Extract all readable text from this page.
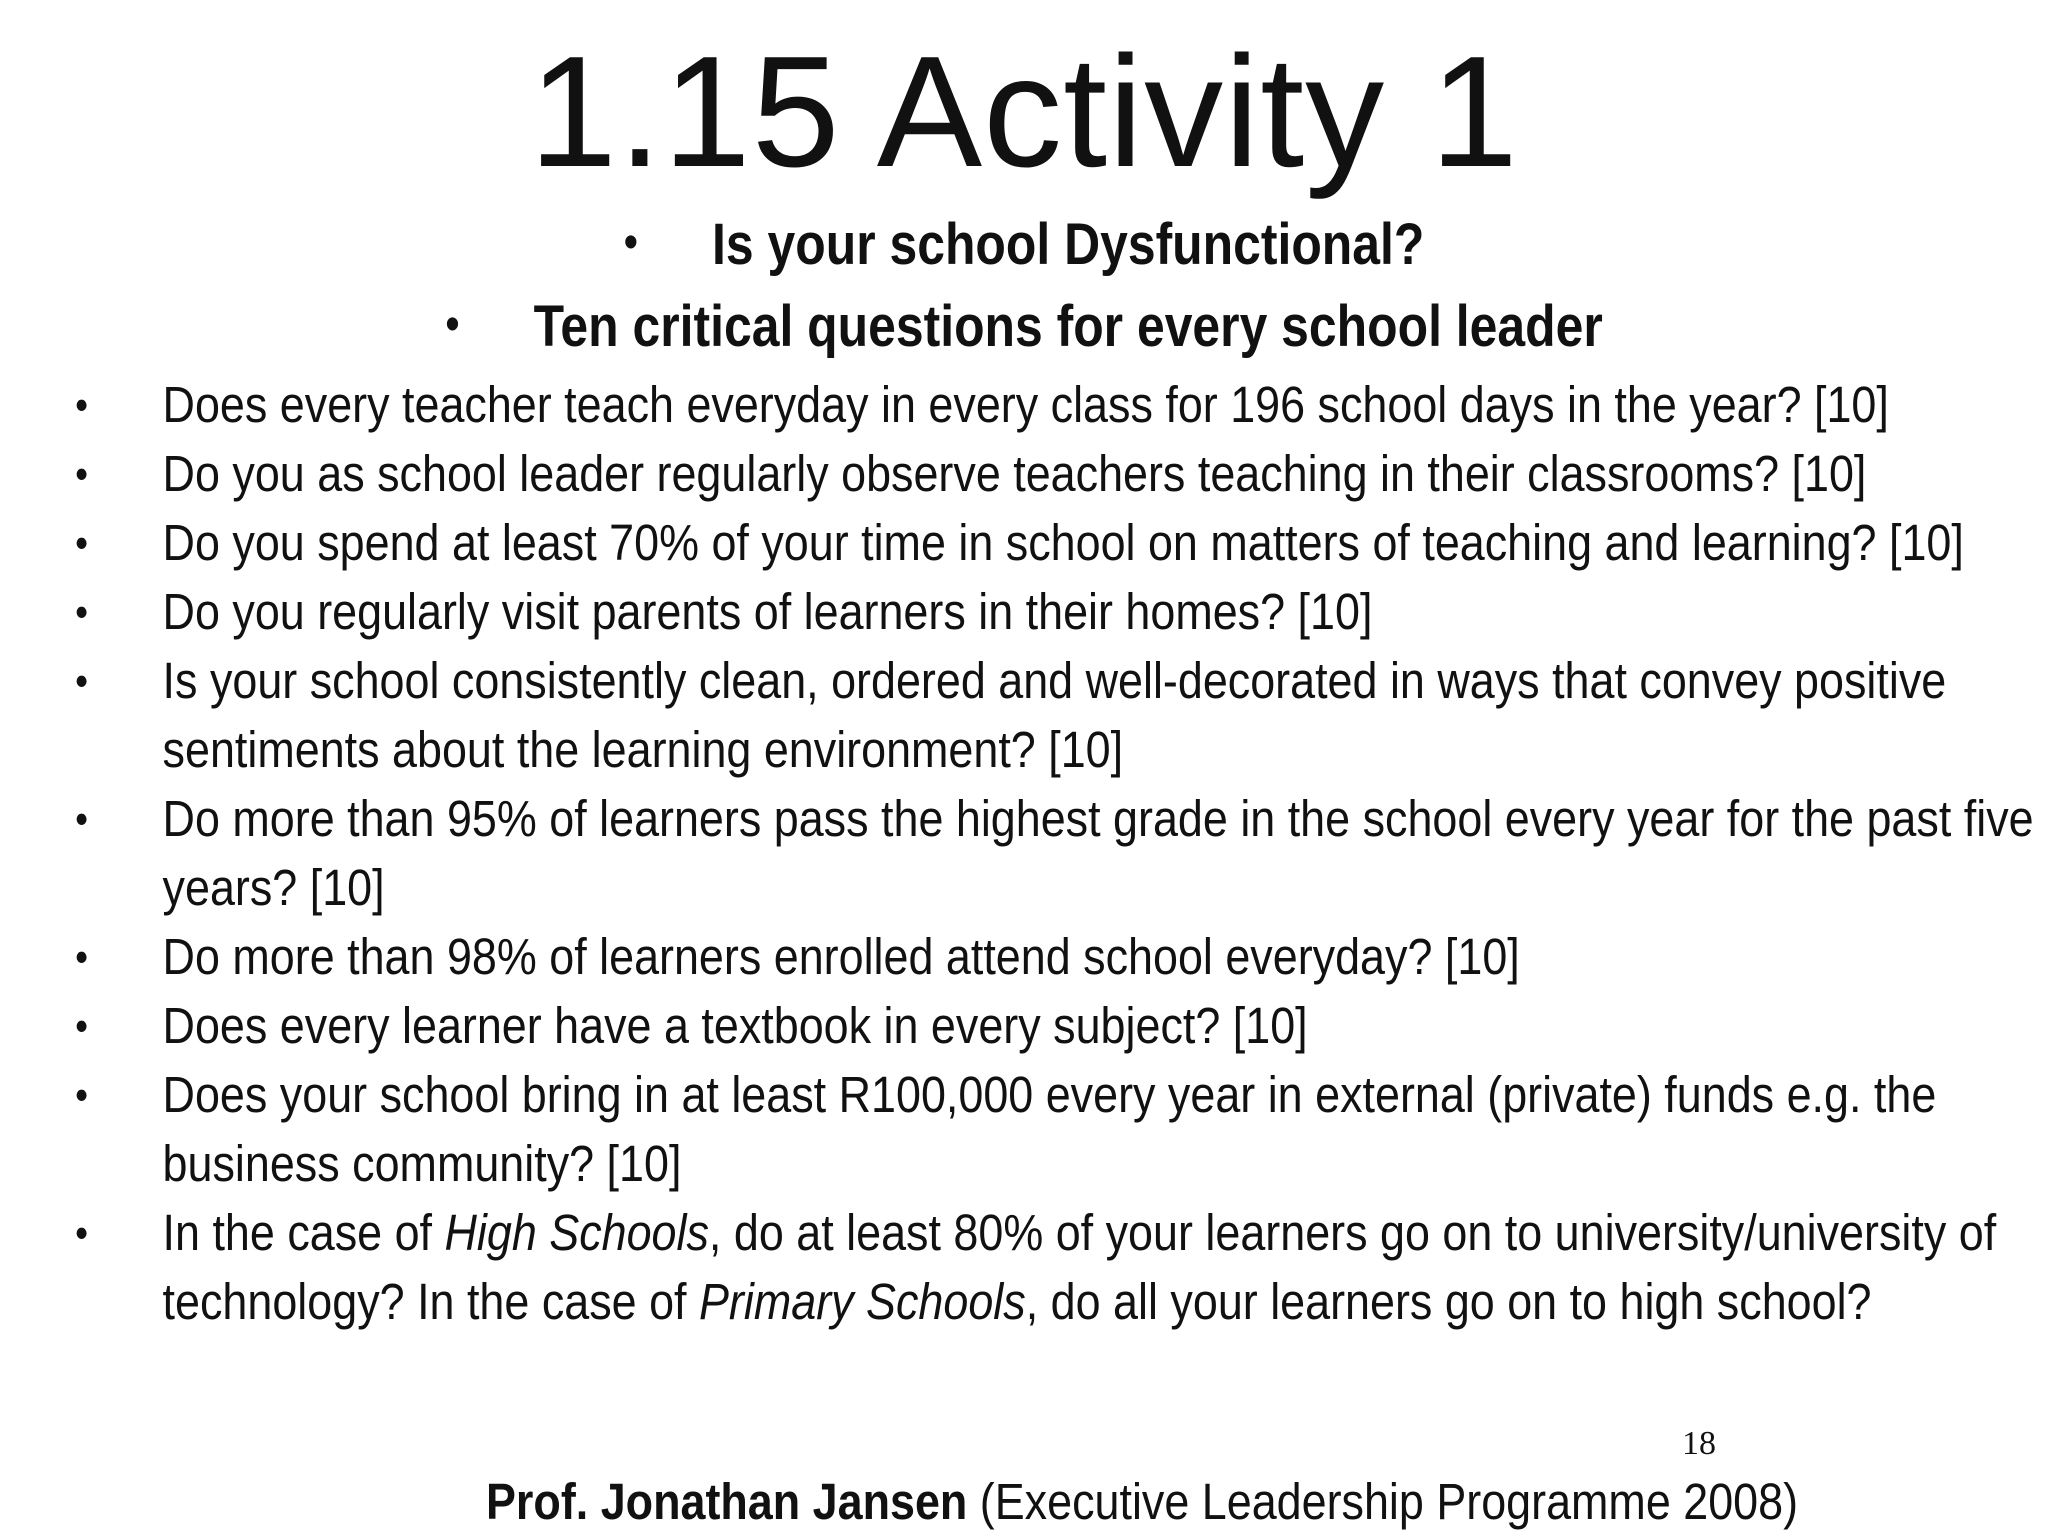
1.15 Activity 1
• Is your school Dysfunctional?
• Ten critical questions for every school leader
• Does every teacher teach everyday in every class for 196 school days in the year? [10]
• Do you as school leader regularly observe teachers teaching in their classrooms? [10]
• Do you spend at least 70% of your time in school on matters of teaching and learning? [10]
• Do you regularly visit parents of learners in their homes? [10]
• Is your school consistently clean, ordered and well-decorated in ways that convey positive sentiments about the learning environment? [10]
• Do more than 95% of learners pass the highest grade in the school every year for the past five years? [10]
• Do more than 98% of learners enrolled attend school everyday? [10]
• Does every learner have a textbook in every subject? [10]
• Does your school bring in at least R100,000 every year in external (private) funds e.g. the business community? [10]
• In the case of High Schools, do at least 80% of your learners go on to university/university of technology? In the case of Primary Schools, do all your learners go on to high school?
18
Prof. Jonathan Jansen (Executive Leadership Programme 2008)
